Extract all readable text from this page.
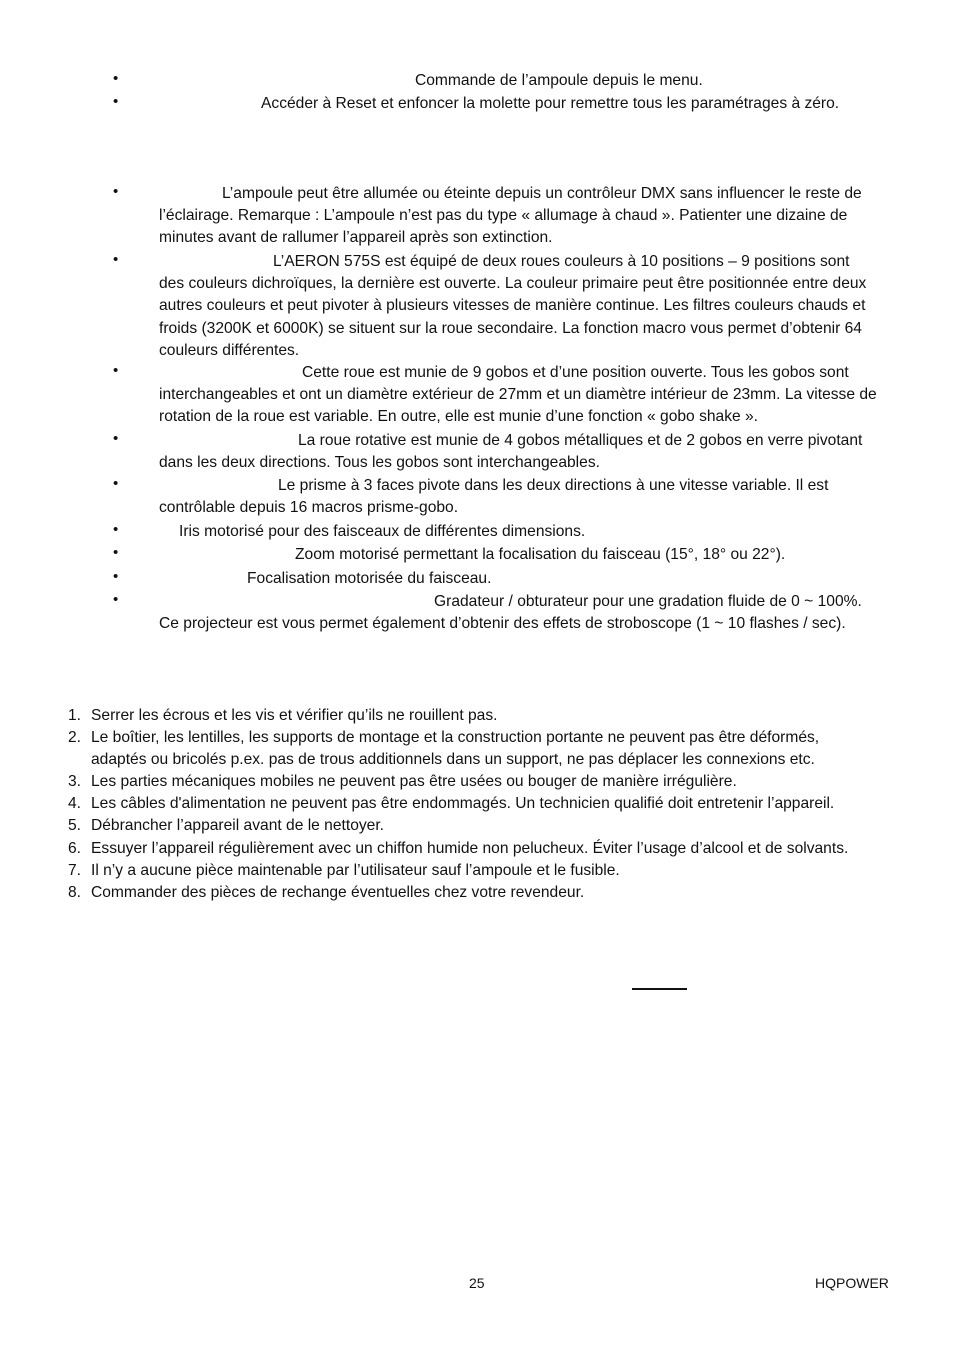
•	Commande de l’ampoule depuis le menu.
•	Accéder à Reset et enfoncer la molette pour remettre tous les paramétrages à zéro.
•	L’ampoule peut être allumée ou éteinte depuis un contrôleur DMX sans influencer le reste de
l’éclairage. Remarque : L’ampoule n’est pas du type « allumage à chaud ». Patienter une dizaine de minutes avant de rallumer l’appareil après son extinction.
•	L’AERON 575S est équipé de deux roues couleurs à 10 positions – 9 positions sont
des couleurs dichroïques, la dernière est ouverte. La couleur primaire peut être positionnée entre deux autres couleurs et peut pivoter à plusieurs vitesses de manière continue. Les filtres couleurs chauds et froids (3200K et 6000K) se situent sur la roue secondaire. La fonction macro vous permet d’obtenir 64 couleurs différentes.
•	Cette roue est munie de 9 gobos et d’une position ouverte. Tous les gobos sont
interchangeables et ont un diamètre extérieur de 27mm et un diamètre intérieur de 23mm. La vitesse de rotation de la roue est variable. En outre, elle est munie d’une fonction « gobo shake ».
•	La roue rotative est munie de 4 gobos métalliques et de 2 gobos en verre pivotant
dans les deux directions. Tous les gobos sont interchangeables.
•	Le prisme à 3 faces pivote dans les deux directions à une vitesse variable. Il est
contrôlable depuis 16 macros prisme-gobo.
•	Iris motorisé pour des faisceaux de différentes dimensions.
•	Zoom motorisé permettant la focalisation du faisceau (15°, 18° ou 22°).
•	Focalisation motorisée du faisceau.
•	Gradateur / obturateur pour une gradation fluide de 0 ~ 100%.
Ce projecteur est vous permet également d’obtenir des effets de stroboscope (1 ~ 10 flashes / sec).
1. Serrer les écrous et les vis et vérifier qu’ils ne rouillent pas.
2. Le boîtier, les lentilles, les supports de montage et la construction portante ne peuvent pas être déformés, adaptés ou bricolés p.ex. pas de trous additionnels dans un support, ne pas déplacer les connexions etc.
3. Les parties mécaniques mobiles ne peuvent pas être usées ou bouger de manière irrégulière.
4. Les câbles d'alimentation ne peuvent pas être endommagés. Un technicien qualifié doit entretenir l’appareil.
5. Débrancher l’appareil avant de le nettoyer.
6. Essuyer l’appareil régulièrement avec un chiffon humide non pelucheux. Éviter l’usage d’alcool et de solvants.
7. Il n’y a aucune pièce maintenable par l’utilisateur sauf l’ampoule et le fusible.
8. Commander des pièces de rechange éventuelles chez votre revendeur.
25	HQPOWER
